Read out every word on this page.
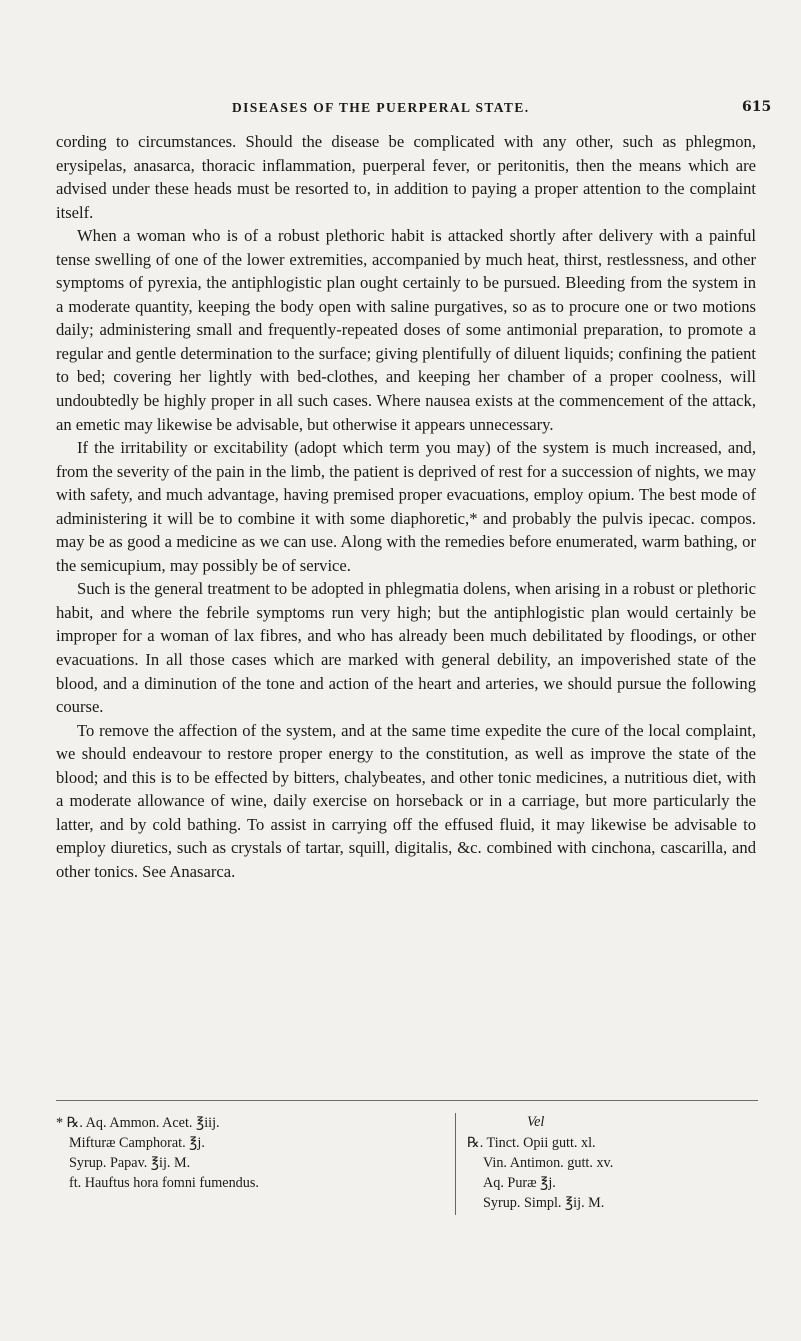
DISEASES OF THE PUERPERAL STATE.	615

cording to circumstances. Should the disease be complicated with any other, such as phlegmon, erysipelas, anasarca, thoracic inflammation, puerperal fever, or peritonitis, then the means which are advised under these heads must be resorted to, in addition to paying a proper attention to the complaint itself.

When a woman who is of a robust plethoric habit is attacked shortly after delivery with a painful tense swelling of one of the lower extremities, accompanied by much heat, thirst, restlessness, and other symptoms of pyrexia, the antiphlogistic plan ought certainly to be pursued. Bleeding from the system in a moderate quantity, keeping the body open with saline purgatives, so as to procure one or two motions daily; administering small and frequently-repeated doses of some antimonial preparation, to promote a regular and gentle determination to the surface; giving plentifully of diluent liquids; confining the patient to bed; covering her lightly with bed-clothes, and keeping her chamber of a proper coolness, will undoubtedly be highly proper in all such cases. Where nausea exists at the commencement of the attack, an emetic may likewise be advisable, but otherwise it appears unnecessary.

If the irritability or excitability (adopt which term you may) of the system is much increased, and, from the severity of the pain in the limb, the patient is deprived of rest for a succession of nights, we may with safety, and much advantage, having premised proper evacuations, employ opium. The best mode of administering it will be to combine it with some diaphoretic,* and probably the pulvis ipecac. compos. may be as good a medicine as we can use. Along with the remedies before enumerated, warm bathing, or the semicupium, may possibly be of service.

Such is the general treatment to be adopted in phlegmatia dolens, when arising in a robust or plethoric habit, and where the febrile symptoms run very high; but the antiphlogistic plan would certainly be improper for a woman of lax fibres, and who has already been much debilitated by floodings, or other evacuations. In all those cases which are marked with general debility, an impoverished state of the blood, and a diminution of the tone and action of the heart and arteries, we should pursue the following course.

To remove the affection of the system, and at the same time expedite the cure of the local complaint, we should endeavour to restore proper energy to the constitution, as well as improve the state of the blood; and this is to be effected by bitters, chalybeates, and other tonic medicines, a nutritious diet, with a moderate allowance of wine, daily exercise on horseback or in a carriage, but more particularly the latter, and by cold bathing. To assist in carrying off the effused fluid, it may likewise be advisable to employ diuretics, such as crystals of tartar, squill, digitalis, &c. combined with cinchona, cascarilla, and other tonics. See Anasarca.

* ℞. Aq. Ammon. Acet. ℥iij.
Mifturæ Camphorat. ℥j.
Syrup. Papav. ℥ij. M.
ft. Hauftus hora fomni fumendus.
Vel
℞. Tinct. Opii gutt. xl.
Vin. Antimon. gutt. xv.
Aq. Puræ ℥j.
Syrup. Simpl. ℥ij. M.
